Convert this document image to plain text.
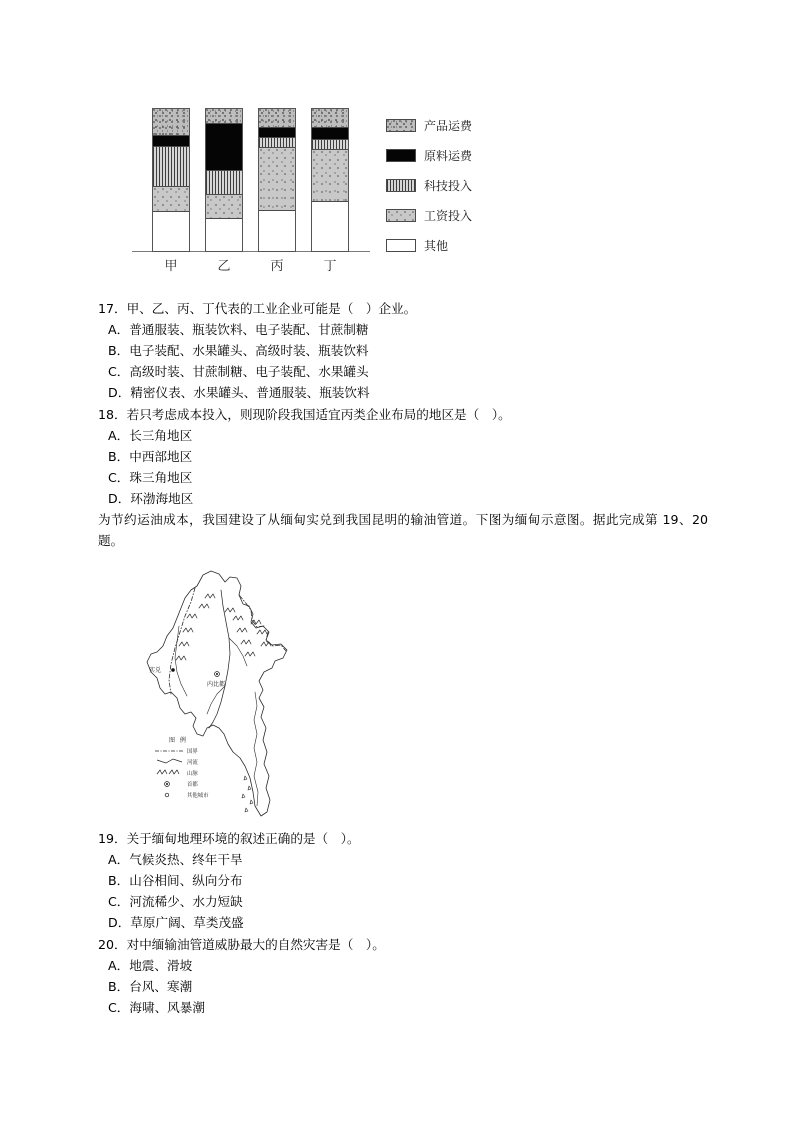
甲	乙	丙	丁
产品运费
原料运费
科技投入
工资投入
其他
17．甲、乙、丙、丁代表的工业企业可能是（　）企业。
A．普通服装、瓶装饮料、电子装配、甘蔗制糖
B．电子装配、水果罐头、高级时装、瓶装饮料
C．高级时装、甘蔗制糖、电子装配、水果罐头
D．精密仪表、水果罐头、普通服装、瓶装饮料
18．若只考虑成本投入，则现阶段我国适宜丙类企业布局的地区是（　）。
A．长三角地区
B．中西部地区
C．珠三角地区
D．环渤海地区
为节约运油成本，我国建设了从缅甸实兑到我国昆明的输油管道。下图为缅甸示意图。据此完成第 19、20 题。
实兑
内比都
图 例
国界
河流
山脉
首都
其他城市
19．关于缅甸地理环境的叙述正确的是（　）。
A．气候炎热、终年干旱
B．山谷相间、纵向分布
C．河流稀少、水力短缺
D．草原广阔、草类茂盛
20．对中缅输油管道威胁最大的自然灾害是（　）。
A．地震、滑坡
B．台风、寒潮
C．海啸、风暴潮
